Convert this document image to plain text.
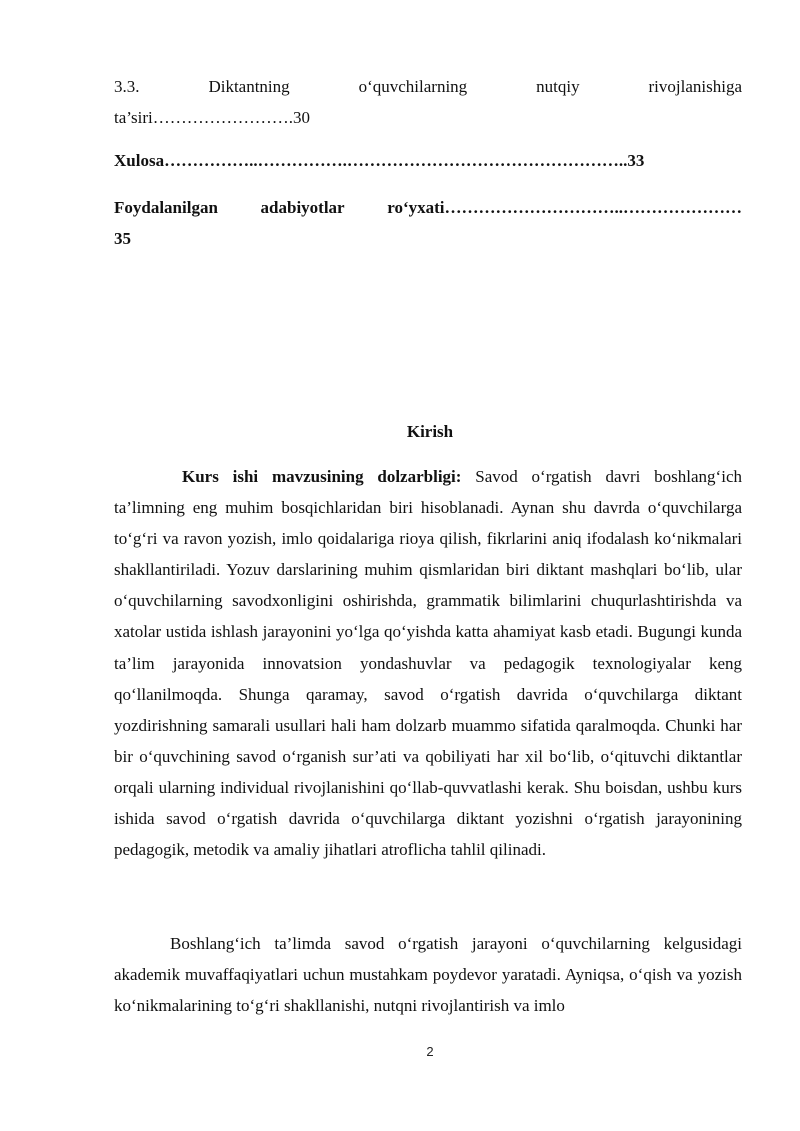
3.3.	Diktantning	o‘quvchilarning	nutqiy	rivojlanishiga
ta’siri…………………….30
Xulosa……………..…………….…………………………………………..33
Foydalanilgan	adabiyotlar	ro‘yxati…………………………..…………………
35
Kirish

Kurs ishi mavzusining dolzarbligi: Savod o‘rgatish davri boshlang‘ich ta’limning eng muhim bosqichlaridan biri hisoblanadi. Aynan shu davrda o‘quvchilarga to‘g‘ri va ravon yozish, imlo qoidalariga rioya qilish, fikrlarini aniq ifodalash ko‘nikmalari shakllantiriladi. Yozuv darslarining muhim qismlaridan biri diktant mashqlari bo‘lib, ular o‘quvchilarning savodxonligini oshirishda, grammatik bilimlarini chuqurlashtirishda va xatolar ustida ishlash jarayonini yo‘lga qo‘yishda katta ahamiyat kasb etadi. Bugungi kunda ta’lim jarayonida innovatsion yondashuvlar va pedagogik texnologiyalar keng qo‘llanilmoqda. Shunga qaramay, savod o‘rgatish davrida o‘quvchilarga diktant yozdirishning samarali usullari hali ham dolzarb muammo sifatida qaralmoqda. Chunki har bir o‘quvchining savod o‘rganish sur’ati va qobiliyati har xil bo‘lib, o‘qituvchi diktantlar orqali ularning individual rivojlanishini qo‘llab-quvvatlashi kerak. Shu boisdan, ushbu kurs ishida savod o‘rgatish davrida o‘quvchilarga diktant yozishni o‘rgatish jarayonining pedagogik, metodik va amaliy jihatlari atroflicha tahlil qilinadi.

Boshlang‘ich ta’limda savod o‘rgatish jarayoni o‘quvchilarning kelgusidagi akademik muvaffaqiyatlari uchun mustahkam poydevor yaratadi. Ayniqsa, o‘qish va yozish ko‘nikmalarining to‘g‘ri shakllanishi, nutqni rivojlantirish va imlo

2
